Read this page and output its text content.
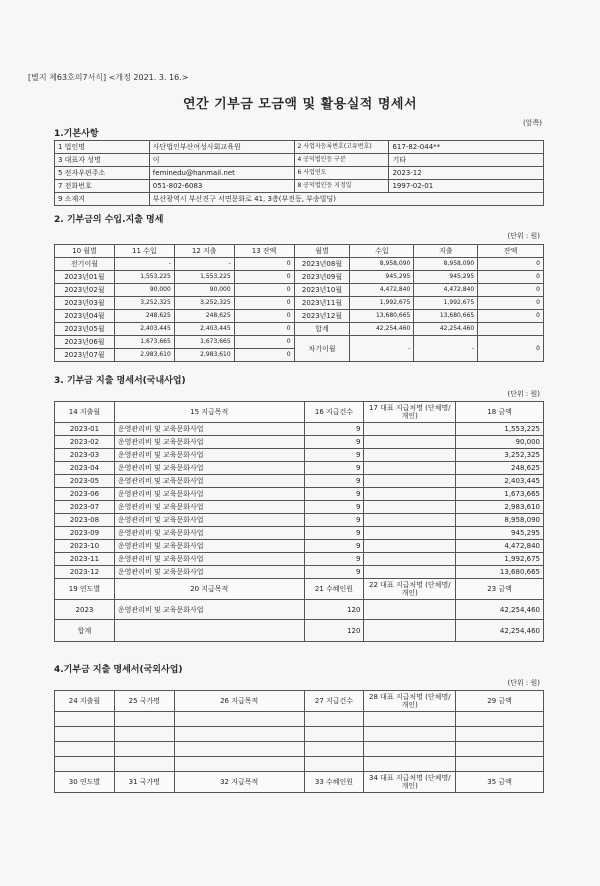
[별지 제63호의7서식] <개정 2021. 3. 16.>
연간 기부금 모금액 및 활용실적 명세서
(앞쪽)
1.기본사항
1 법인명	사단법인부산여성사회교육원	2 사업자등록번호(고유번호)	617-82-044**
3 대표자 성명	이	4 공익법인등 구분	기타
5 전자우편주소	feminedu@hanmail.net	6 사업연도	2023-12
7 전화번호	051-802-6083	8 공익법인등 지정일	1997-02-01
9 소재지	부산광역시 부산진구 서면문화로 41, 3층(부전동, 부송빌딩)		
2. 기부금의 수입.지출 명세
(단위 : 원)
10 월별	11 수입	12 지출	13 잔액	월별	수입	지출	잔액
전기이월	-	-	0	2023년08월	8,958,090	8,958,090	0
2023년01월	1,553,225	1,553,225	0	2023년09월	945,295	945,295	0
2023년02월	90,000	90,000	0	2023년10월	4,472,840	4,472,840	0
2023년03월	3,252,325	3,252,325	0	2023년11월	1,992,675	1,992,675	0
2023년04월	248,625	248,625	0	2023년12월	13,680,665	13,680,665	0
2023년05월	2,403,445	2,403,445	0	합계	42,254,460	42,254,460	
2023년06월	1,673,665	1,673,665	0	차기이월	-	-	0
2023년07월	2,983,610	2,983,610	0				
3. 기부금 지출 명세서(국내사업)
(단위 : 원)
14 지출월	15 지급목적	16 지급건수	17 대표 지급처명 (단체명/개인)	18 금액
2023-01	운영관리비 및 교육문화사업	9		1,553,225
2023-02	운영관리비 및 교육문화사업	9		90,000
2023-03	운영관리비 및 교육문화사업	9		3,252,325
2023-04	운영관리비 및 교육문화사업	9		248,625
2023-05	운영관리비 및 교육문화사업	9		2,403,445
2023-06	운영관리비 및 교육문화사업	9		1,673,665
2023-07	운영관리비 및 교육문화사업	9		2,983,610
2023-08	운영관리비 및 교육문화사업	9		8,958,090
2023-09	운영관리비 및 교육문화사업	9		945,295
2023-10	운영관리비 및 교육문화사업	9		4,472,840
2023-11	운영관리비 및 교육문화사업	9		1,992,675
2023-12	운영관리비 및 교육문화사업	9		13,680,665
19 연도별	20 지급목적	21 수혜인원	22 대표 지급처명 (단체명/개인)	23 금액
2023	운영관리비 및 교육문화사업	120		42,254,460
합계		120		42,254,460
4.기부금 지출 명세서(국외사업)
(단위 : 원)
24 지출월	25 국가명	26 지급목적	27 지급건수	28 대표 지급처명 (단체명/개인)	29 금액

30 연도별	31 국가명	32 지급목적	33 수혜인원	34 대표 지급처명 (단체명/개인)	35 금액
